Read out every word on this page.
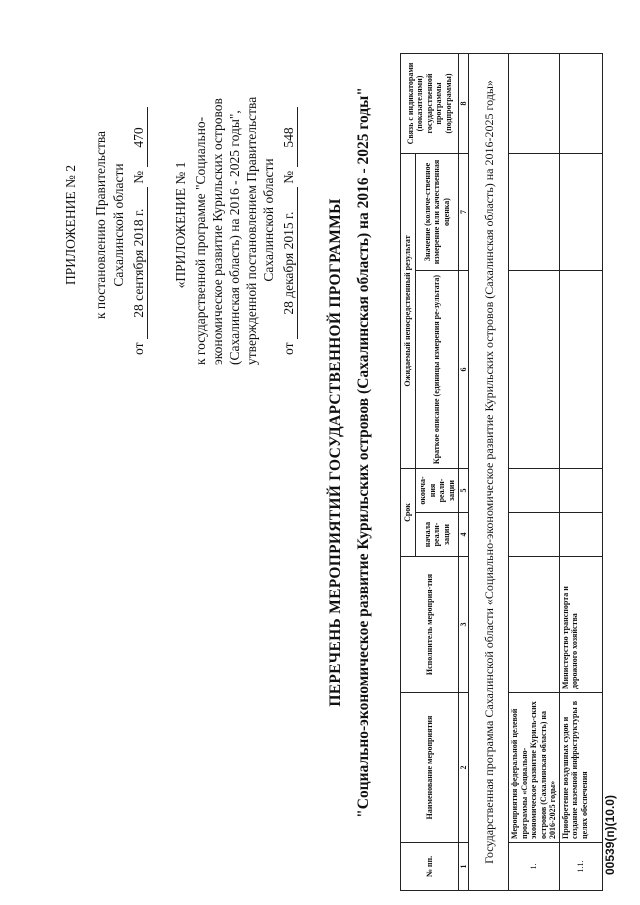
ПРИЛОЖЕНИЕ № 2 к постановлению Правительства Сахалинской области
от 28 сентября 2018 г. № 470
«ПРИЛОЖЕНИЕ № 1 к государственной программе "Социально- экономическое развитие Курильских островов (Сахалинская область) на 2016 - 2025 годы", утвержденной постановлением Правительства Сахалинской области
от 28 декабря 2015 г. № 548
ПЕРЕЧЕНЬ МЕРОПРИЯТИЙ ГОСУДАРСТВЕННОЙ ПРОГРАММЫ "Социально-экономическое развитие Курильских островов (Сахалинская область) на 2016 - 2025 годы"
№ пп.	Наименование мероприятия	Исполнитель мероприя-тия	Срок		Ожидаемый непосредственный результат		Связь с индикаторами (показателями) государственной программы (подпрограммы)
			начала реали-зации	оконча-ния реали-зации	Краткое описание (единицы измерения ре-зультата)	Значение (количе-ственное измерение или качественная оценка)	
1	2	3	4	5	6	7	8
Государственная программа Сахалинской области «Социально-экономическое развитие Курильских островов (Сахалинская область) на 2016-2025 годы»							
1.	Мероприятия федеральной целевой программы «Социально-экономическое развитие Куриль-ских островов (Сахалинская область) на 2016-2025 годы»						
1.1.	Приобретение воздушных судов и создание наземной инфраструктуры в целях обеспечения	Министерство транспорта и дорожного хозяйства					
00539(п)(10.0)
